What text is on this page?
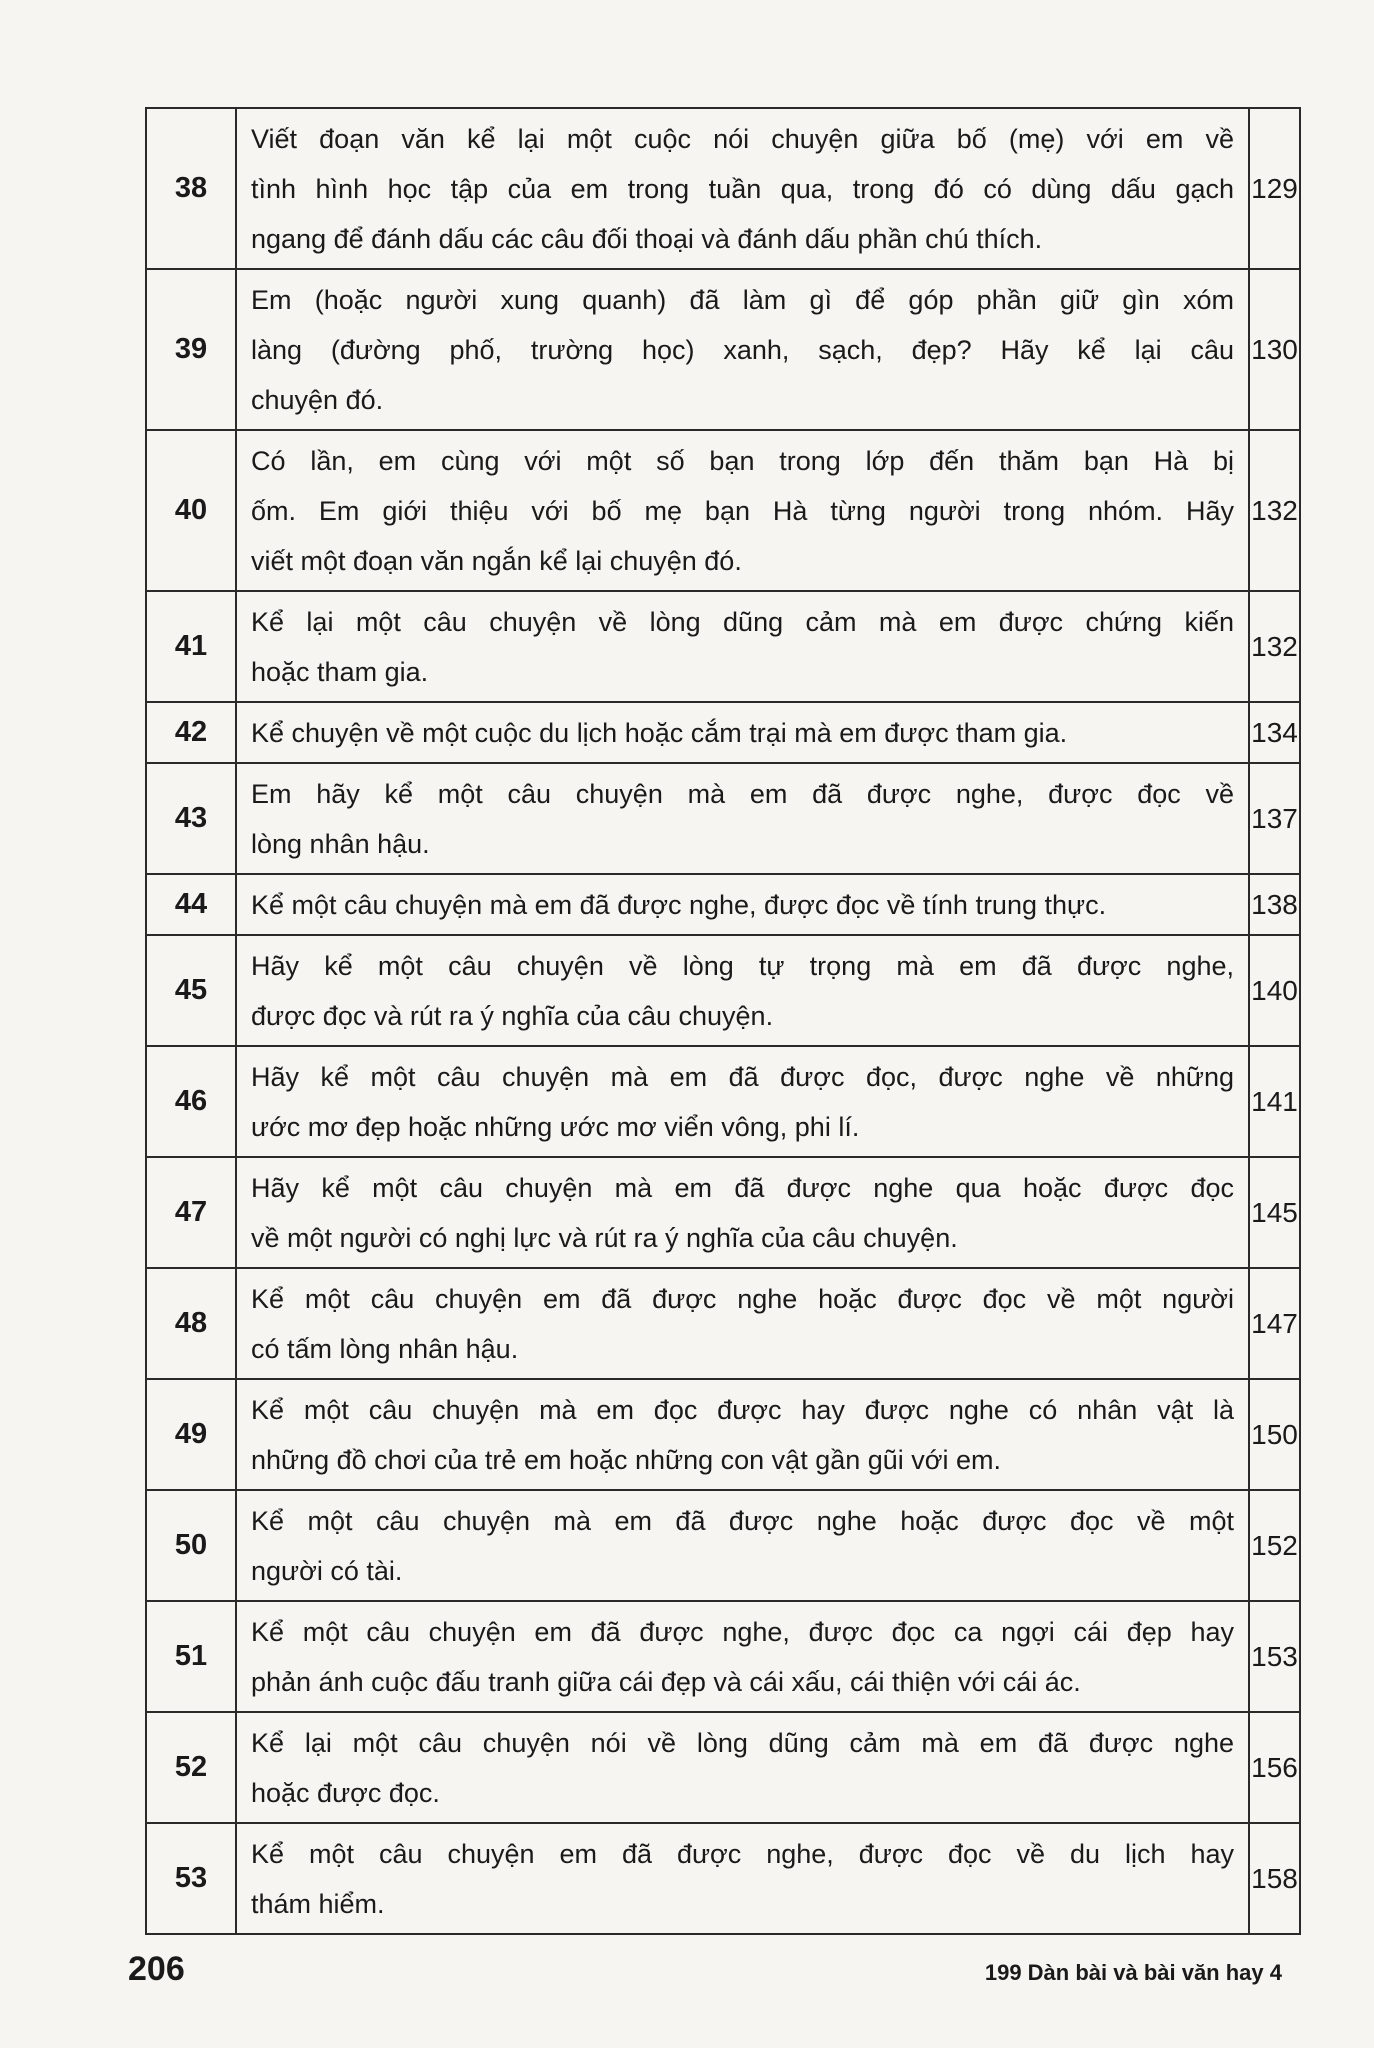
38	Viết đoạn văn kể lại một cuộc nói chuyện giữa bố (mẹ) với em về
tình hình học tập của em trong tuần qua, trong đó có dùng dấu gạch
ngang để đánh dấu các câu đối thoại và đánh dấu phần chú thích.	129
39	Em (hoặc người xung quanh) đã làm gì để góp phần giữ gìn xóm
làng (đường phố, trường học) xanh, sạch, đẹp? Hãy kể lại câu
chuyện đó.	130
40	Có lần, em cùng với một số bạn trong lớp đến thăm bạn Hà bị
ốm. Em giới thiệu với bố mẹ bạn Hà từng người trong nhóm. Hãy
viết một đoạn văn ngắn kể lại chuyện đó.	132
41	Kể lại một câu chuyện về lòng dũng cảm mà em được chứng kiến
hoặc tham gia.	132
42	Kể chuyện về một cuộc du lịch hoặc cắm trại mà em được tham gia.	134
43	Em hãy kể một câu chuyện mà em đã được nghe, được đọc về
lòng nhân hậu.	137
44	Kể một câu chuyện mà em đã được nghe, được đọc về tính trung thực.	138
45	Hãy kể một câu chuyện về lòng tự trọng mà em đã được nghe,
được đọc và rút ra ý nghĩa của câu chuyện.	140
46	Hãy kể một câu chuyện mà em đã được đọc, được nghe về những
ước mơ đẹp hoặc những ước mơ viển vông, phi lí.	141
47	Hãy kể một câu chuyện mà em đã được nghe qua hoặc được đọc
về một người có nghị lực và rút ra ý nghĩa của câu chuyện.	145
48	Kể một câu chuyện em đã được nghe hoặc được đọc về một người
có tấm lòng nhân hậu.	147
49	Kể một câu chuyện mà em đọc được hay được nghe có nhân vật là
những đồ chơi của trẻ em hoặc những con vật gần gũi với em.	150
50	Kể một câu chuyện mà em đã được nghe hoặc được đọc về một
người có tài.	152
51	Kể một câu chuyện em đã được nghe, được đọc ca ngợi cái đẹp hay
phản ánh cuộc đấu tranh giữa cái đẹp và cái xấu, cái thiện với cái ác.	153
52	Kể lại một câu chuyện nói về lòng dũng cảm mà em đã được nghe
hoặc được đọc.	156
53	Kể một câu chuyện em đã được nghe, được đọc về du lịch hay
thám hiểm.	158
206	199 Dàn bài và bài văn hay 4
